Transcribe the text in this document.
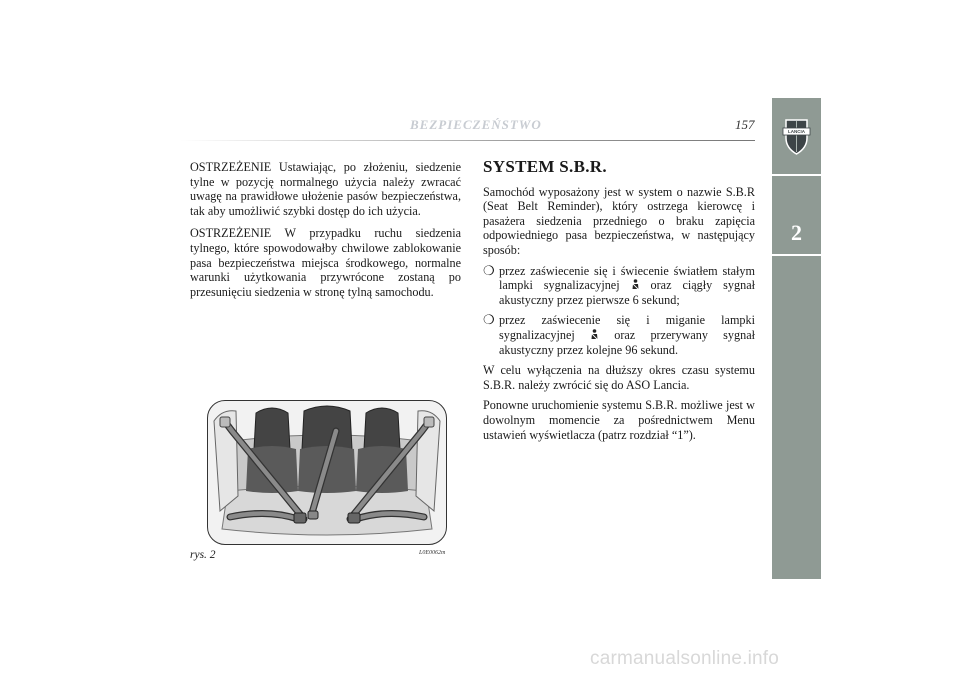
BEZPIECZEŃSTWO	157	LANCIA
2

OSTRZEŻENIE Ustawiając, po złożeniu, siedzenie tylne w pozycję normalnego użycia należy zwracać uwagę na prawidłowe ułożenie pasów bezpieczeństwa, tak aby umożliwić szybki dostęp do ich użycia.

OSTRZEŻENIE W przypadku ruchu siedzenia tylnego, które spowodowałby chwilowe zablokowanie pasa bezpieczeństwa miejsca środkowego, normalne warunki użytkowania przywrócone zostaną po przesunięciu siedzenia w stronę tylną samochodu.

SYSTEM S.B.R.

Samochód wyposażony jest w system o nazwie S.B.R (Seat Belt Reminder), który ostrzega kierowcę i pasażera siedzenia przedniego o braku zapięcia odpowiedniego pasa bezpieczeństwa, w następujący sposób:

❍ przez zaświecenie się i świecenie światłem stałym lampki sygnalizacyjnej  oraz ciągły sygnał akustyczny przez pierwsze 6 sekund;
❍ przez zaświecenie się i miganie lampki sygnalizacyjnej  oraz przerywany sygnał akustyczny przez kolejne 96 sekund.

W celu wyłączenia na dłuższy okres czasu systemu S.B.R. należy zwrócić się do ASO Lancia.

Ponowne uruchomienie systemu S.B.R. możliwe jest w dowolnym momencie za pośrednictwem Menu ustawień wyświetlacza (patrz rozdział “1”).

rys. 2	L0E0062m
carmanualsonline.info
